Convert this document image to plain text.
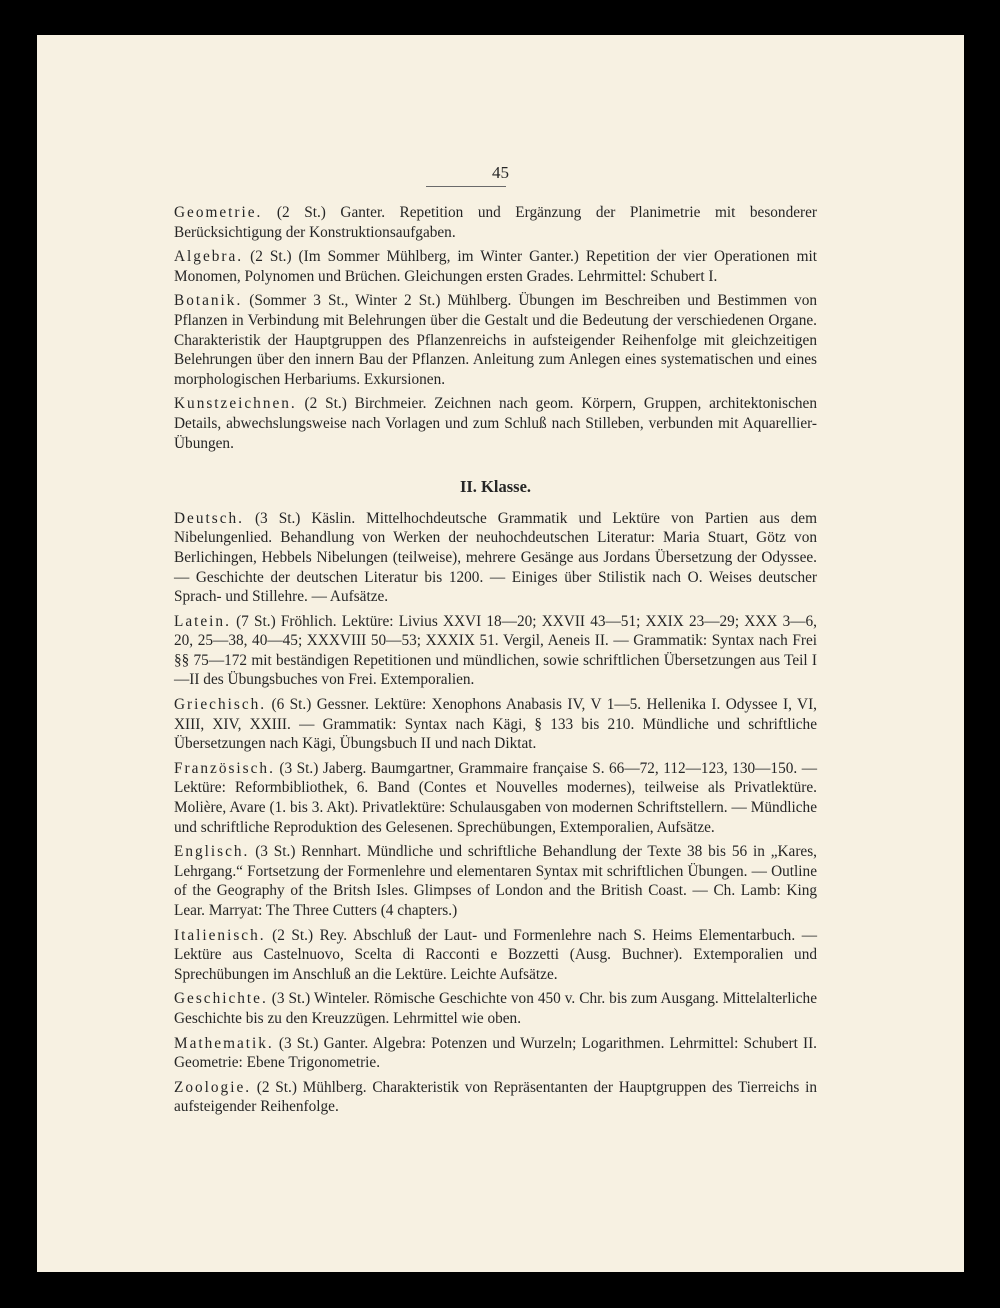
45

Geometrie. (2 St.) Ganter. Repetition und Ergänzung der Planimetrie mit besonderer Berücksichtigung der Konstruktionsaufgaben.

Algebra. (2 St.) (Im Sommer Mühlberg, im Winter Ganter.) Repetition der vier Operationen mit Monomen, Polynomen und Brüchen. Gleichungen ersten Grades. Lehrmittel: Schubert I.

Botanik. (Sommer 3 St., Winter 2 St.) Mühlberg. Übungen im Beschreiben und Bestimmen von Pflanzen in Verbindung mit Belehrungen über die Gestalt und die Bedeutung der verschiedenen Organe. Charakteristik der Hauptgruppen des Pflanzenreichs in aufsteigender Reihenfolge mit gleichzeitigen Belehrungen über den innern Bau der Pflanzen. Anleitung zum Anlegen eines systematischen und eines morphologischen Herbariums. Exkursionen.

Kunstzeichnen. (2 St.) Birchmeier. Zeichnen nach geom. Körpern, Gruppen, architektonischen Details, abwechslungsweise nach Vorlagen und zum Schluß nach Stilleben, verbunden mit Aquarellier-Übungen.

II. Klasse.

Deutsch. (3 St.) Käslin. Mittelhochdeutsche Grammatik und Lektüre von Partien aus dem Nibelungenlied. Behandlung von Werken der neuhochdeutschen Literatur: Maria Stuart, Götz von Berlichingen, Hebbels Nibelungen (teilweise), mehrere Gesänge aus Jordans Übersetzung der Odyssee. — Geschichte der deutschen Literatur bis 1200. — Einiges über Stilistik nach O. Weises deutscher Sprach- und Stillehre. — Aufsätze.

Latein. (7 St.) Fröhlich. Lektüre: Livius XXVI 18—20; XXVII 43—51; XXIX 23—29; XXX 3—6, 20, 25—38, 40—45; XXXVIII 50—53; XXXIX 51. Vergil, Aeneis II. — Grammatik: Syntax nach Frei §§ 75—172 mit beständigen Repetitionen und mündlichen, sowie schriftlichen Übersetzungen aus Teil I—II des Übungsbuches von Frei. Extemporalien.

Griechisch. (6 St.) Gessner. Lektüre: Xenophons Anabasis IV, V 1—5. Hellenika I. Odyssee I, VI, XIII, XIV, XXIII. — Grammatik: Syntax nach Kägi, § 133 bis 210. Mündliche und schriftliche Übersetzungen nach Kägi, Übungsbuch II und nach Diktat.

Französisch. (3 St.) Jaberg. Baumgartner, Grammaire française S. 66—72, 112—123, 130—150. — Lektüre: Reformbibliothek, 6. Band (Contes et Nouvelles modernes), teilweise als Privatlektüre. Molière, Avare (1. bis 3. Akt). Privatlektüre: Schulausgaben von modernen Schriftstellern. — Mündliche und schriftliche Reproduktion des Gelesenen. Sprechübungen, Extemporalien, Aufsätze.

Englisch. (3 St.) Rennhart. Mündliche und schriftliche Behandlung der Texte 38 bis 56 in „Kares, Lehrgang.“ Fortsetzung der Formenlehre und elementaren Syntax mit schriftlichen Übungen. — Outline of the Geography of the Britsh Isles. Glimpses of London and the British Coast. — Ch. Lamb: King Lear. Marryat: The Three Cutters (4 chapters.)

Italienisch. (2 St.) Rey. Abschluß der Laut- und Formenlehre nach S. Heims Elementarbuch. — Lektüre aus Castelnuovo, Scelta di Racconti e Bozzetti (Ausg. Buchner). Extemporalien und Sprechübungen im Anschluß an die Lektüre. Leichte Aufsätze.

Geschichte. (3 St.) Winteler. Römische Geschichte von 450 v. Chr. bis zum Ausgang. Mittelalterliche Geschichte bis zu den Kreuzzügen. Lehrmittel wie oben.

Mathematik. (3 St.) Ganter. Algebra: Potenzen und Wurzeln; Logarithmen. Lehrmittel: Schubert II. Geometrie: Ebene Trigonometrie.

Zoologie. (2 St.) Mühlberg. Charakteristik von Repräsentanten der Hauptgruppen des Tierreichs in aufsteigender Reihenfolge.
